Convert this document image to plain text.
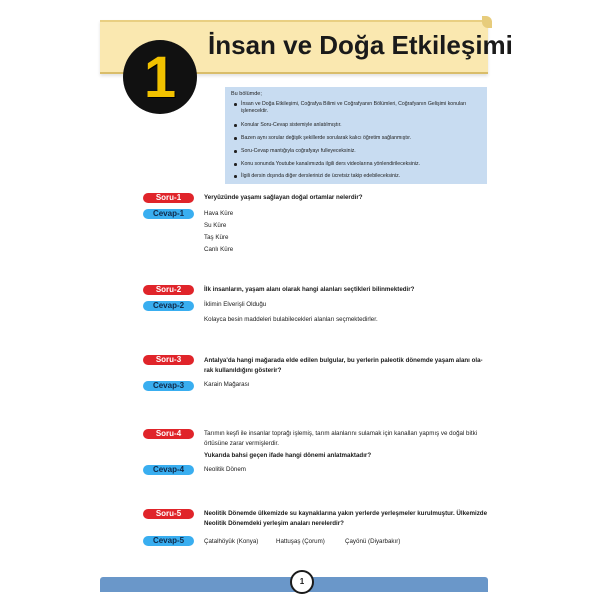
İnsan ve Doğa Etkileşimi
1	Bu bölümde;
İnsan ve Doğa Etkileşimi, Coğrafya Bilimi ve Coğrafyanın Bölümleri, Coğrafyanın Gelişimi konuları işlenecektir.
Konular Soru-Cevap sistemiyle anlatılmıştır.
Bazen aynı sorular değişik şekillerde sorularak kalıcı öğretim sağlanmıştır.
Soru-Cevap mantığıyla coğrafyayı fulleyeceksiniz.
Konu sonunda Youtube kanalımızda ilgili ders videolarına yönlendirileceksiniz.
İlgili dersin dışında diğer derslerinizi de ücretsiz takip edebileceksiniz.
Soru-1	Yeryüzünde yaşamı sağlayan doğal ortamlar nelerdir?
Cevap-1	Hava Küre
Su Küre
Taş Küre
Canlı Küre
Soru-2	İlk insanların, yaşam alanı olarak hangi alanları seçtikleri bilinmektedir?
Cevap-2	İklimin Elverişli Olduğu
Kolayca besin maddeleri bulabilecekleri alanları seçmektedirler.
Soru-3	Antalya'da hangi mağarada elde edilen bulgular, bu yerlerin paleotik dönemde yaşam alanı ola-
rak kullanıldığını gösterir?
Cevap-3	Karain Mağarası
Soru-4	Tarımın keşfi ile insanlar toprağı işlemiş, tarım alanlarını sulamak için kanalları yapmış ve doğal bitki
örtüsüne zarar vermişlerdir.
Yukarıda bahsi geçen ifade hangi dönemi anlatmaktadır?
Cevap-4	Neolitik Dönem
Soru-5	Neolitik Dönemde ülkemizde su kaynaklarına yakın yerlerde yerleşmeler kurulmuştur. Ülkemizde
Neolitik Dönemdeki yerleşim anaları nerelerdir?
Cevap-5	Çatalhöyük (Konya)	Hattuşaş (Çorum)	Çayönü (Diyarbakır)
1
